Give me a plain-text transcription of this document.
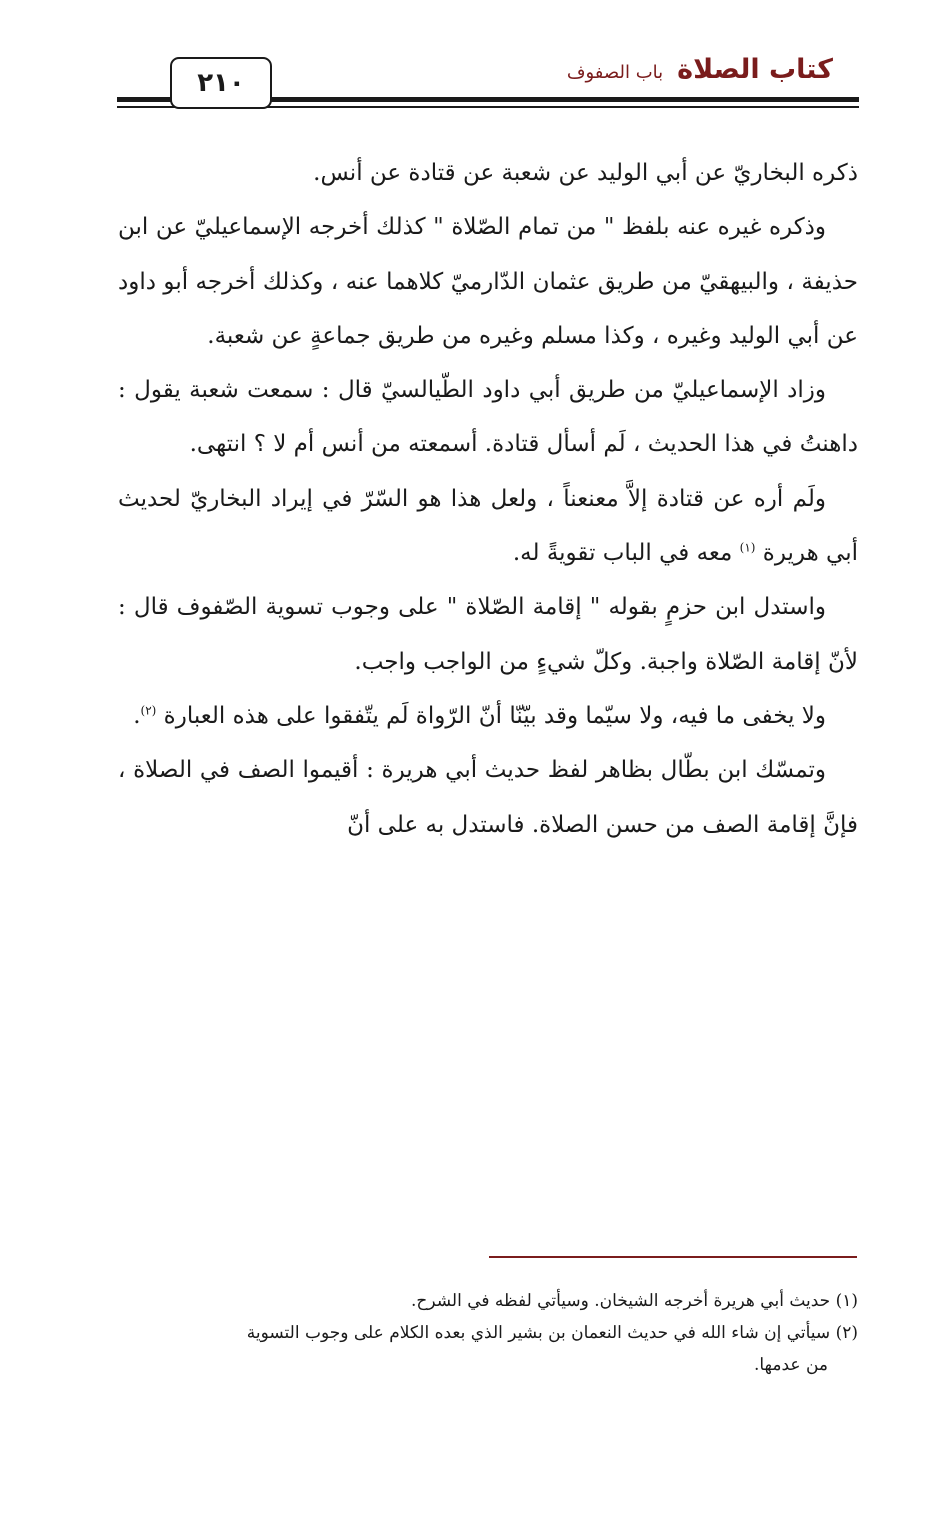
كتاب الصلاةباب الصفوف
٢١٠

ذكره البخاريّ عن أبي الوليد عن شعبة عن قتادة عن أنس.

وذكره غيره عنه بلفظ " من تمام الصّلاة " كذلك أخرجه الإسماعيليّ عن ابن حذيفة ، والبيهقيّ من طريق عثمان الدّارميّ كلاهما عنه ، وكذلك أخرجه أبو داود عن أبي الوليد وغيره ، وكذا مسلم وغيره من طريق جماعةٍ عن شعبة.

وزاد الإسماعيليّ من طريق أبي داود الطّيالسيّ قال : سمعت شعبة يقول : داهنتُ في هذا الحديث ، لَم أسأل قتادة. أسمعته من أنس أم لا ؟ انتهى.

ولَم أره عن قتادة إلاَّ معنعناً ، ولعل هذا هو السّرّ في إيراد البخاريّ لحديث أبي هريرة $^{(١)}$ معه في الباب تقويةً له.

واستدل ابن حزمٍ بقوله " إقامة الصّلاة " على وجوب تسوية الصّفوف قال : لأنّ إقامة الصّلاة واجبة. وكلّ شيءٍ من الواجب واجب.

ولا يخفى ما فيه، ولا سيّما وقد بيّنّا أنّ الرّواة لَم يتّفقوا على هذه العبارة $^{(٢)}$.

وتمسّك ابن بطّال بظاهر لفظ حديث أبي هريرة : أقيموا الصف في الصلاة ، فإنَّ إقامة الصف من حسن الصلاة. فاستدل به على أنّ

(١) حديث أبي هريرة أخرجه الشيخان. وسيأتي لفظه في الشرح.

(٢) سيأتي إن شاء الله في حديث النعمان بن بشير الذي بعده الكلام على وجوب التسوية

من عدمها.
